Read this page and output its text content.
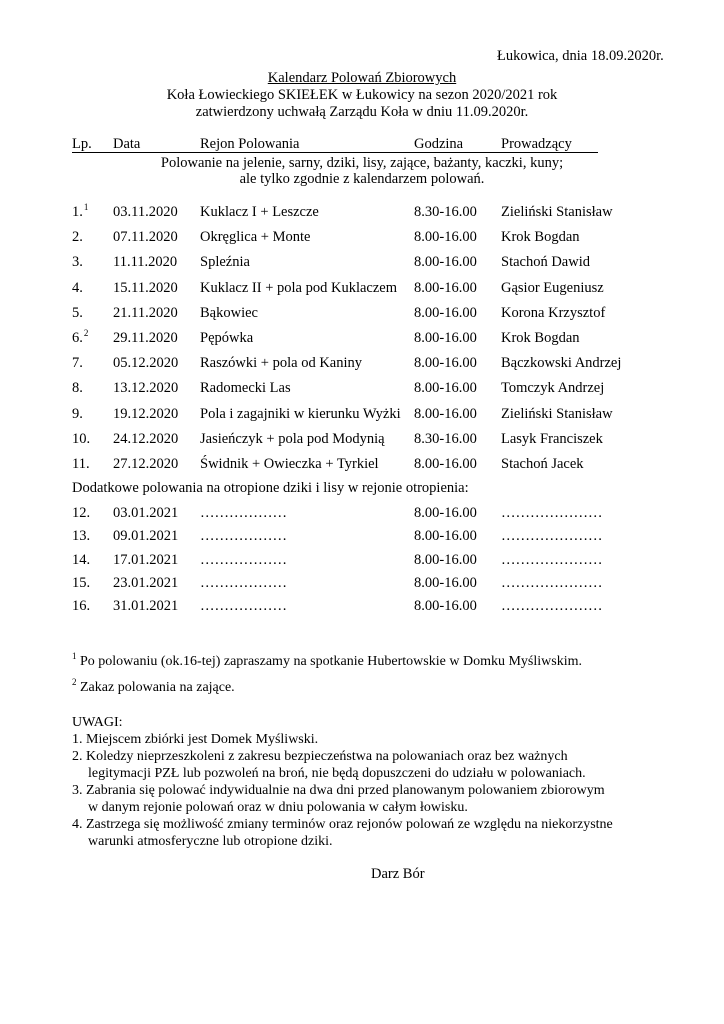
Łukowica, dnia 18.09.2020r.
Kalendarz Polowań Zbiorowych
Koła Łowieckiego SKIEŁEK w Łukowicy na sezon 2020/2021 rok
zatwierdzony uchwałą Zarządu Koła w dniu 11.09.2020r.
Lp. Data	Rejon Polowania	Godzina	Prowadzący
Polowanie na jelenie, sarny, dziki, lisy, zające, bażanty, kaczki, kuny;
ale tylko zgodnie z kalendarzem polowań.
1. 1 03.11.2020 Kuklacz I + Leszcze	8.30-16.00 Zieliński Stanisław
2. 07.11.2020 Okręglica + Monte	8.00-16.00 Krok Bogdan
3. 11.11.2020 Spleźnia	8.00-16.00 Stachoń Dawid
4. 15.11.2020 Kuklacz II + pola pod Kuklaczem 8.00-16.00 Gąsior Eugeniusz
5. 21.11.2020 Bąkowiec	8.00-16.00 Korona Krzysztof
6. 2 29.11.2020 Pępówka	8.00-16.00 Krok Bogdan
7. 05.12.2020 Raszówki + pola od Kaniny	8.00-16.00 Bączkowski Andrzej
8. 13.12.2020 Radomecki Las	8.00-16.00 Tomczyk Andrzej
9. 19.12.2020 Pola i zagajniki w kierunku Wyżki 8.00-16.00 Zieliński Stanisław
10. 24.12.2020 Jasieńczyk + pola pod Modynią 8.30-16.00 Lasyk Franciszek
11. 27.12.2020 Świdnik + Owieczka + Tyrkiel 8.00-16.00 Stachoń Jacek
Dodatkowe polowania na otropione dziki i lisy w rejonie otropienia:
12. 03.01.2021 ………………	8.00-16.00 …………………
13. 09.01.2021 ………………	8.00-16.00 …………………
14. 17.01.2021 ………………	8.00-16.00 …………………
15. 23.01.2021 ………………	8.00-16.00 …………………
16. 31.01.2021 ………………	8.00-16.00 …………………
$^1$ Po polowaniu (ok.16-tej) zapraszamy na spotkanie Hubertowskie w Domku Myśliwskim.
$^2$ Zakaz polowania na zające.
UWAGI:
1. Miejscem zbiórki jest Domek Myśliwski.
2. Koledzy nieprzeszkoleni z zakresu bezpieczeństwa na polowaniach oraz bez ważnych
legitymacji PZŁ lub pozwoleń na broń, nie będą dopuszczeni do udziału w polowaniach.
3. Zabrania się polować indywidualnie na dwa dni przed planowanym polowaniem zbiorowym
w danym rejonie polowań oraz w dniu polowania w całym łowisku.
4. Zastrzega się możliwość zmiany terminów oraz rejonów polowań ze względu na niekorzystne
warunki atmosferyczne lub otropione dziki.
Darz Bór
